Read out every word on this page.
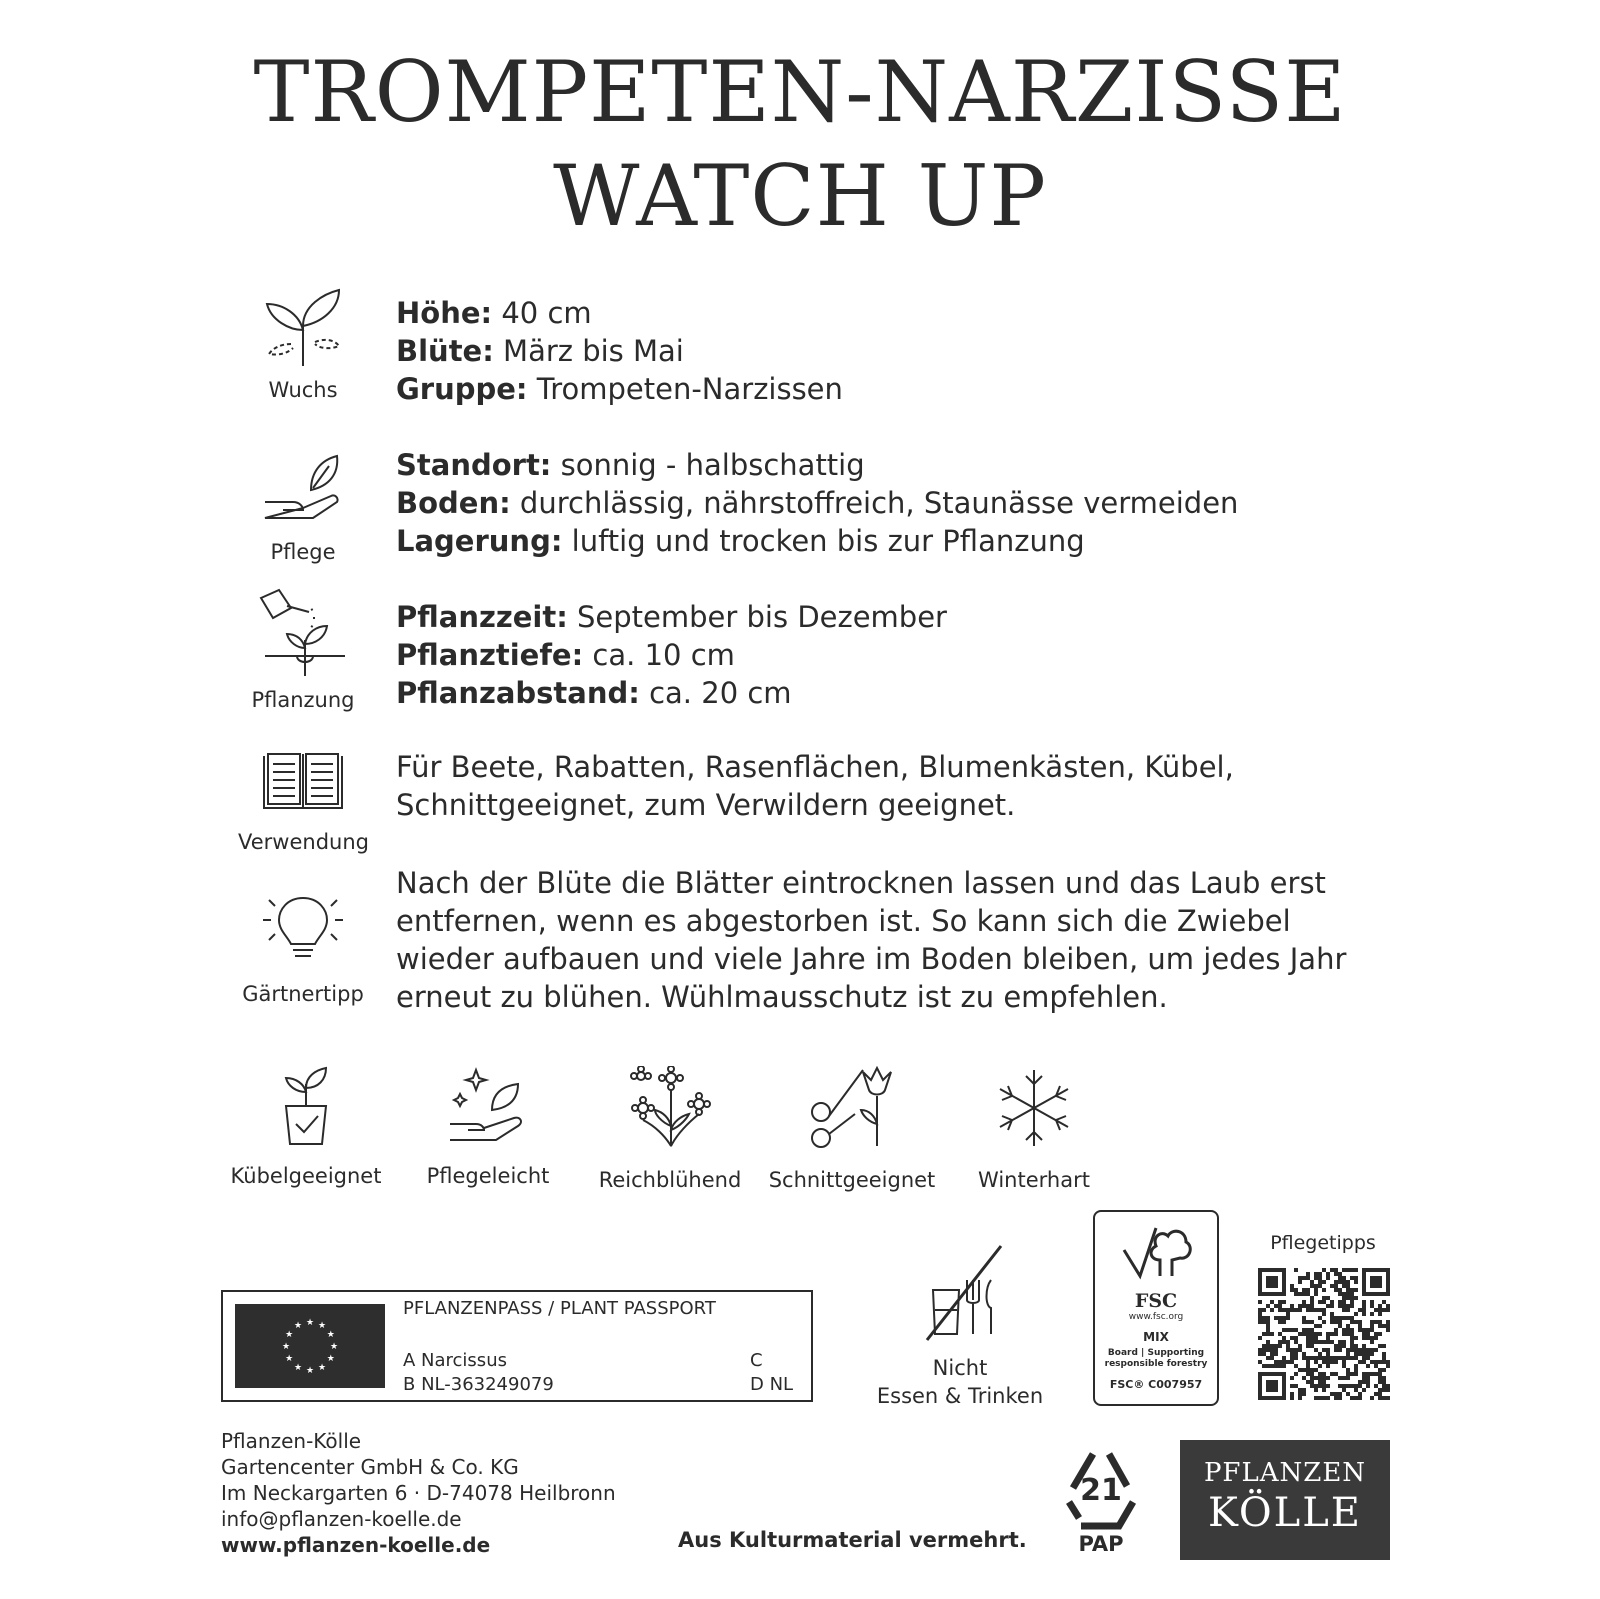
TROMPETEN-NARZISSE
WATCH UP
Wuchs
Höhe: 40 cm
Blüte: März bis Mai
Gruppe: Trompeten-Narzissen
Pflege
Standort: sonnig - halbschattig
Boden: durchlässig, nährstoffreich, Staunässe vermeiden
Lagerung: luftig und trocken bis zur Pflanzung
Pflanzung
Pflanzzeit: September bis Dezember
Pflanztiefe: ca. 10 cm
Pflanzabstand: ca. 20 cm
Verwendung
Für Beete, Rabatten, Rasenflächen, Blumenkästen, Kübel,
Schnittgeeignet, zum Verwildern geeignet.
Gärtnertipp
Nach der Blüte die Blätter eintrocknen lassen und das Laub erst
entfernen, wenn es abgestorben ist. So kann sich die Zwiebel
wieder aufbauen und viele Jahre im Boden bleiben, um jedes Jahr
erneut zu blühen. Wühlmausschutz ist zu empfehlen.
Kübelgeeignet	Pflegeleicht	Reichblühend	Schnittgeeignet	Winterhart
★ ★
★
★
★
★
★
★
★
★
★
★
PFLANZENPASS / PLANT PASSPORT
A Narcissus
B NL-363249079
C
D NL
Nicht
Essen & Trinken
FSC
www.fsc.org
MIX
Board | Supporting
responsible forestry
FSC® C007957
Pflegetipps
Pflanzen-Kölle
Gartencenter GmbH & Co. KG
Im Neckargarten 6 · D-74078 Heilbronn
info@pflanzen-koelle.de
www.pflanzen-koelle.de	Aus Kulturmaterial vermehrt.
21
PAP
PFLANZEN
KÖLLE
